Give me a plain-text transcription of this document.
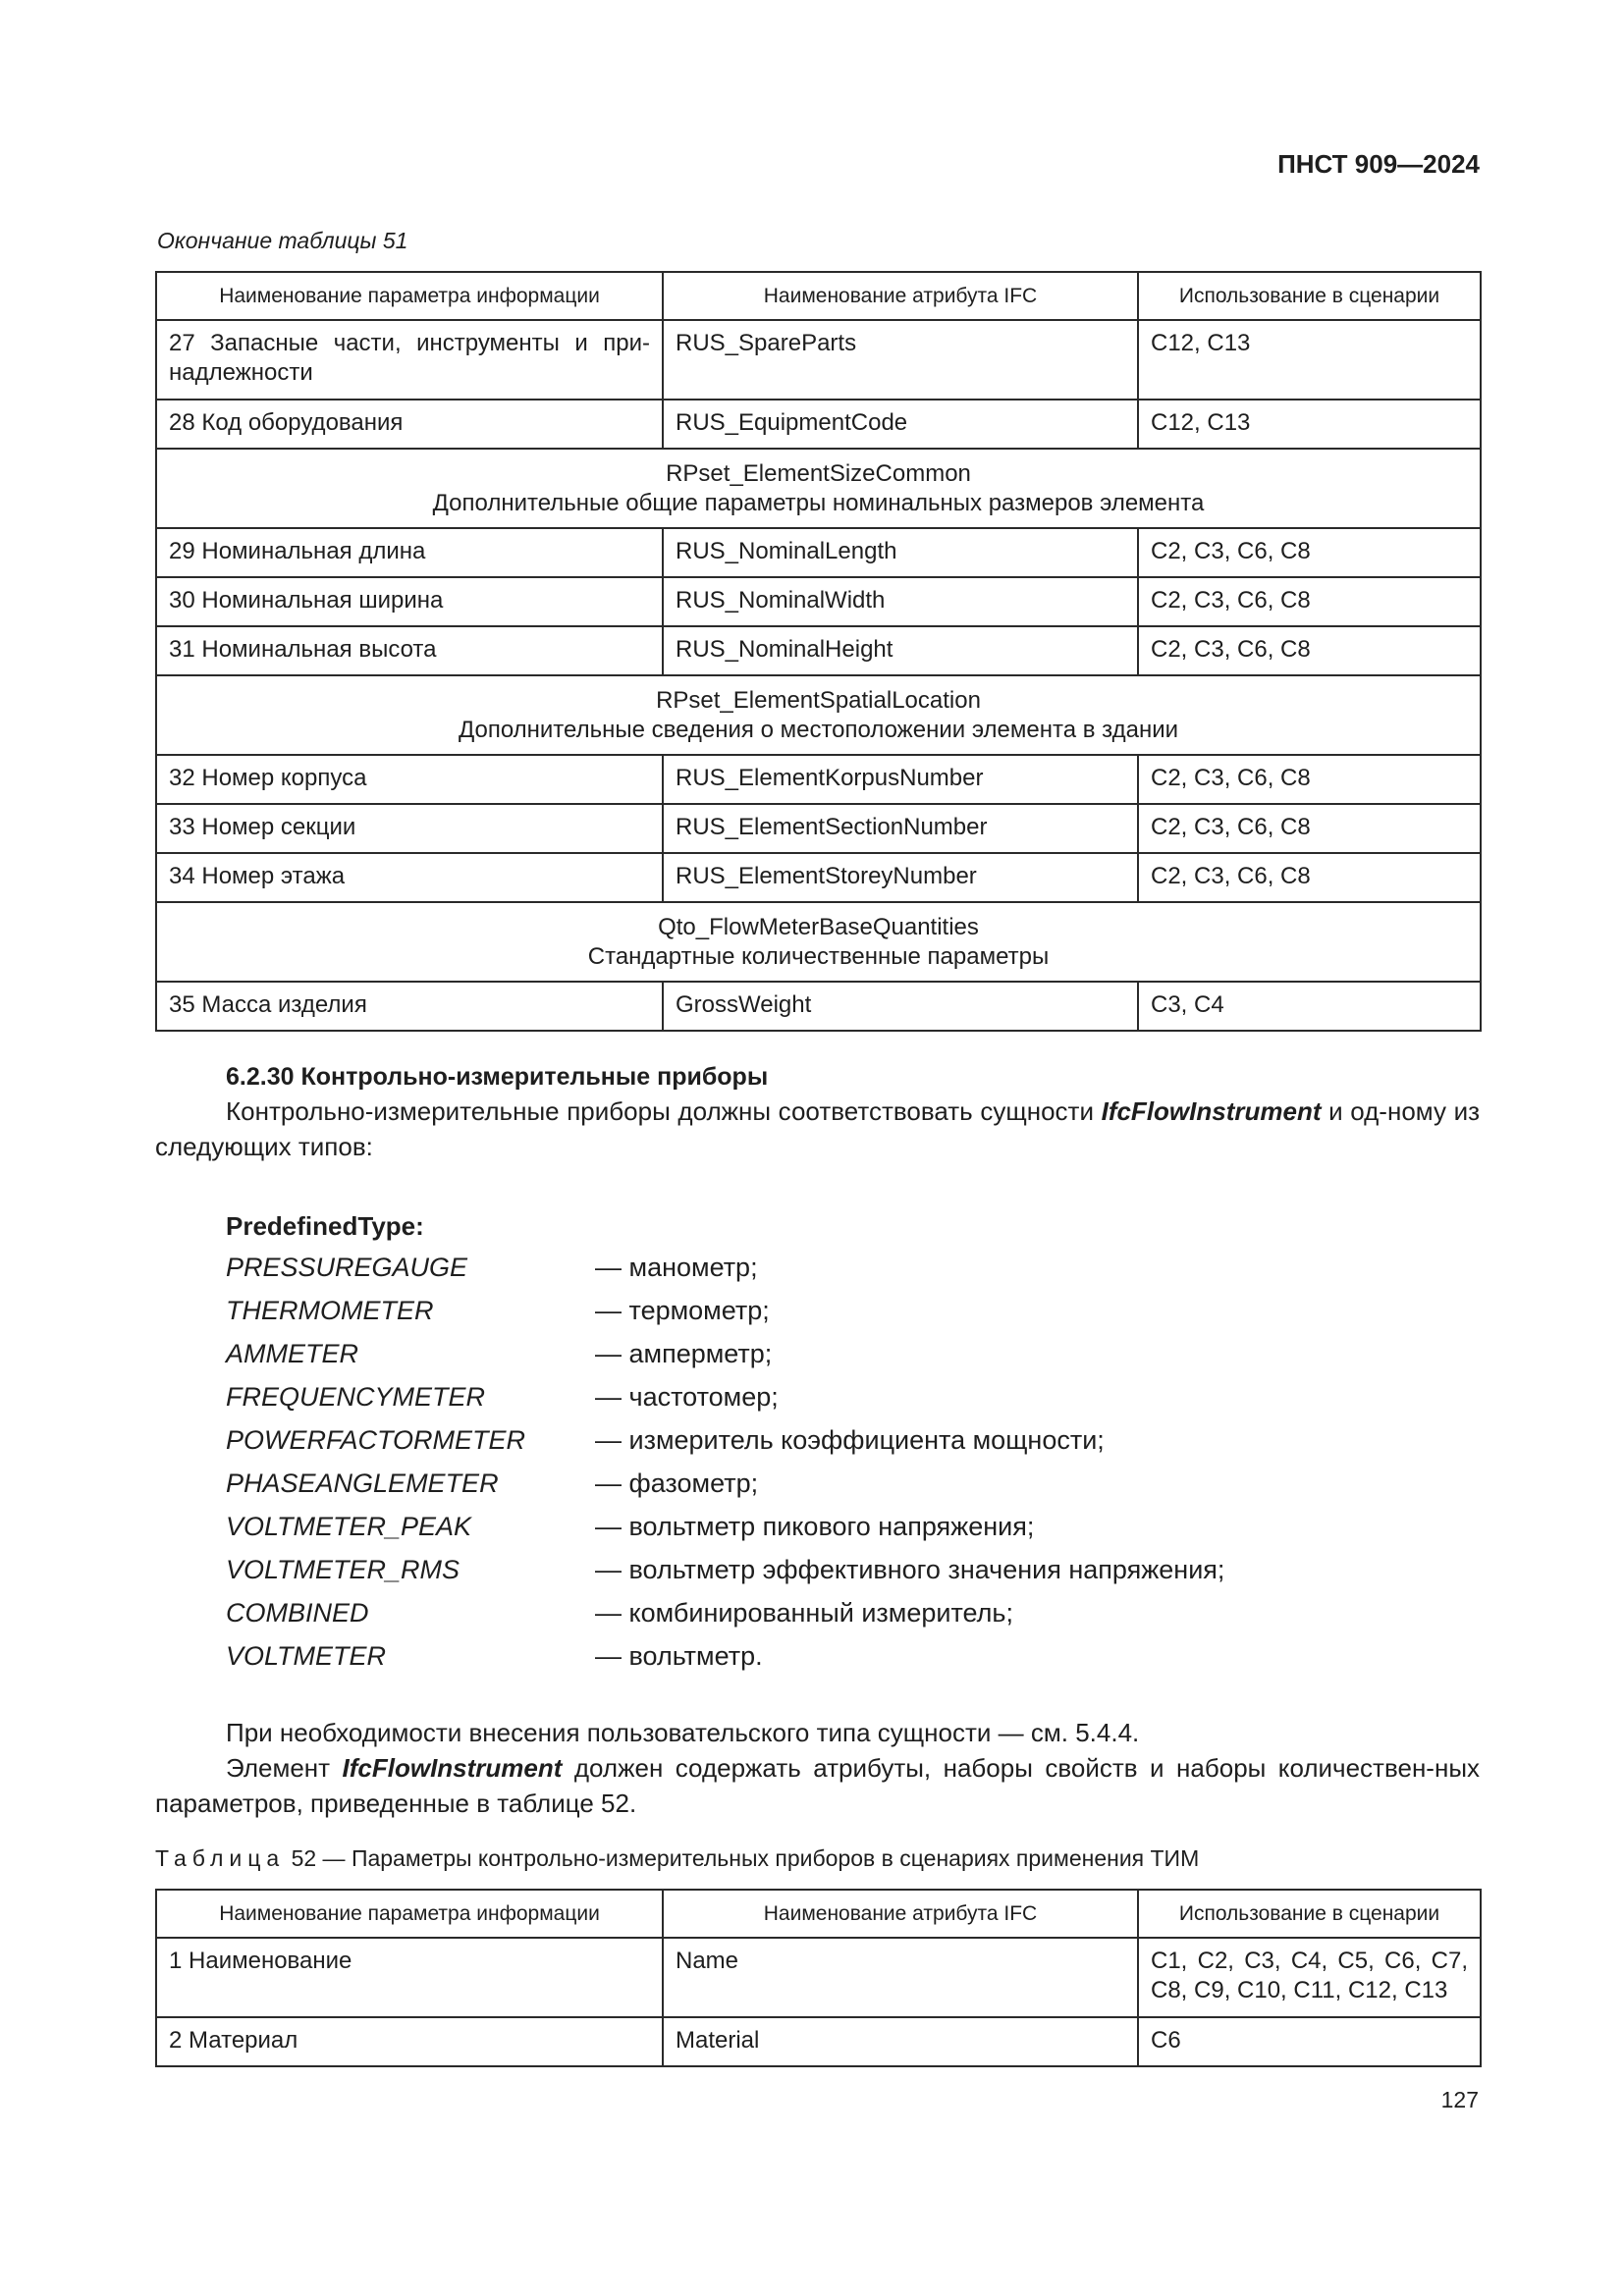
ПНСТ 909—2024
Окончание таблицы 51
Наименование параметра информации	Наименование атрибута IFC	Использование в сценарии
27 Запасные части, инструменты и при-надлежности	RUS_SpareParts	C12, C13
28 Код оборудования	RUS_EquipmentCode	C12, C13

RPset_ElementSizeCommon
Дополнительные общие параметры номинальных размеров элемента		

29 Номинальная длина	RUS_NominalLength	C2, C3, C6, C8
30 Номинальная ширина	RUS_NominalWidth	C2, C3, C6, C8
31 Номинальная высота	RUS_NominalHeight	C2, C3, C6, C8

RPset_ElementSpatialLocation
Дополнительные сведения о местоположении элемента в здании		

32 Номер корпуса	RUS_ElementKorpusNumber	C2, C3, C6, C8
33 Номер секции	RUS_ElementSectionNumber	C2, C3, C6, C8
34 Номер этажа	RUS_ElementStoreyNumber	C2, C3, C6, C8

Qto_FlowMeterBaseQuantities
Стандартные количественные параметры		

35 Масса изделия	GrossWeight	C3, C4
6.2.30 Контрольно-измерительные приборы
Контрольно-измерительные приборы должны соответствовать сущности IfcFlowInstrument и од-ному из следующих типов:
PredefinedType:
PRESSUREGAUGE	— манометр;
THERMOMETER	— термометр;
AMMETER	— амперметр;
FREQUENCYMETER	— частотомер;
POWERFACTORMETER	— измеритель коэффициента мощности;
PHASEANGLEMETER	— фазометр;
VOLTMETER_PEAK	— вольтметр пикового напряжения;
VOLTMETER_RMS	— вольтметр эффективного значения напряжения;
COMBINED	— комбинированный измеритель;
VOLTMETER	— вольтметр.
При необходимости внесения пользовательского типа сущности — см. 5.4.4.
Элемент IfcFlowInstrument должен содержать атрибуты, наборы свойств и наборы количествен-ных параметров, приведенные в таблице 52.
Таблица 52 — Параметры контрольно-измерительных приборов в сценариях применения ТИМ
Наименование параметра информации	Наименование атрибута IFC	Использование в сценарии
1 Наименование	Name	C1, C2, C3, C4, C5, C6, C7, C8, C9, C10, C11, C12, C13
2 Материал	Material	C6
127
